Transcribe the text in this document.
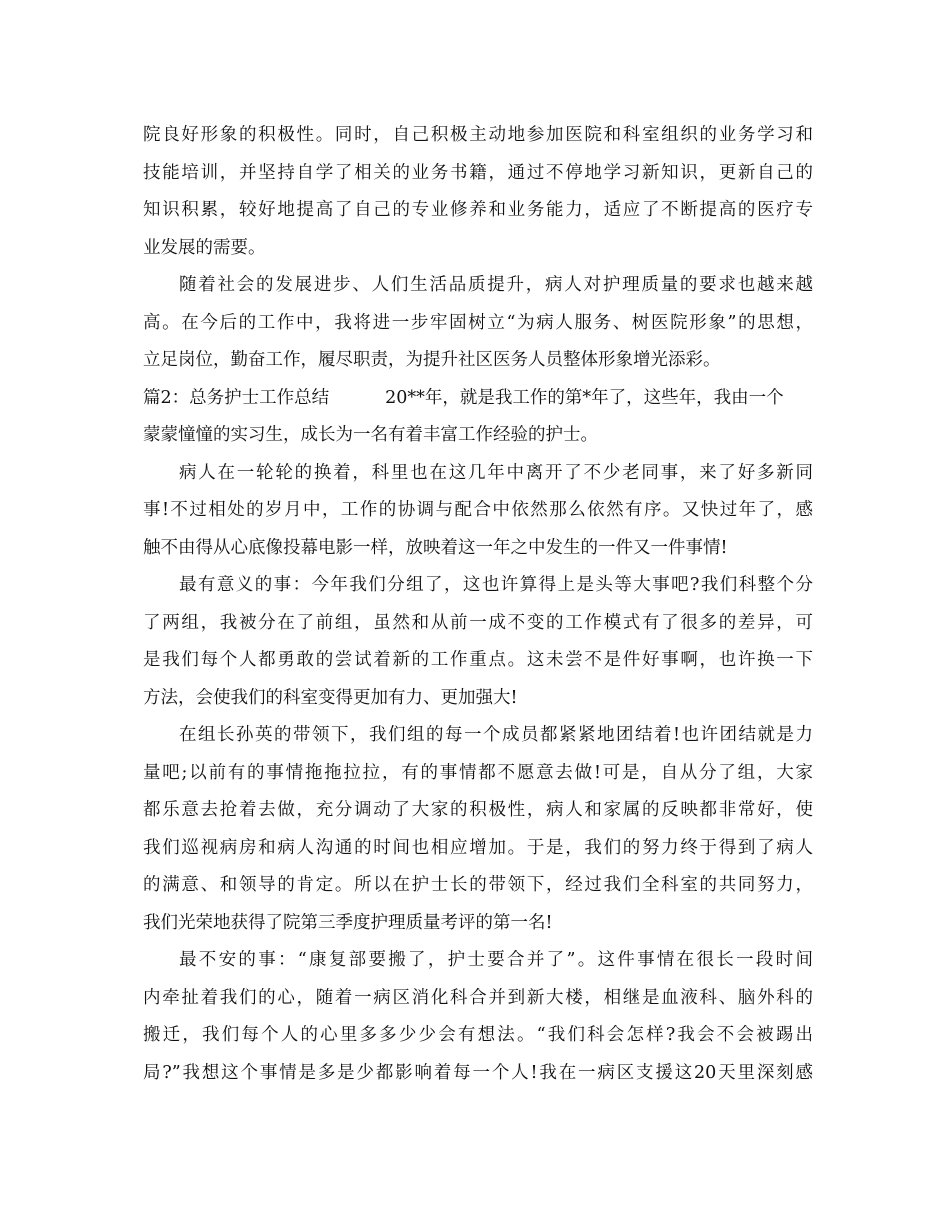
院良好形象的积极性。同时，自己积极主动地参加医院和科室组织的业务学习和
技能培训，并坚持自学了相关的业务书籍，通过不停地学习新知识，更新自己的
知识积累，较好地提高了自己的专业修养和业务能力，适应了不断提高的医疗专
业发展的需要。
随着社会的发展进步、人们生活品质提升，病人对护理质量的要求也越来越
高。在今后的工作中，我将进一步牢固树立“为病人服务、树医院形象”的思想，
立足岗位，勤奋工作，履尽职责，为提升社区医务人员整体形象增光添彩。
篇2：总务护士工作总结	20**年，就是我工作的第*年了，这些年，我由一个
蒙蒙憧憧的实习生，成长为一名有着丰富工作经验的护士。
病人在一轮轮的换着，科里也在这几年中离开了不少老同事，来了好多新同
事!不过相处的岁月中，工作的协调与配合中依然那么依然有序。又快过年了，感
触不由得从心底像投幕电影一样，放映着这一年之中发生的一件又一件事情!
最有意义的事：今年我们分组了，这也许算得上是头等大事吧?我们科整个分
了两组，我被分在了前组，虽然和从前一成不变的工作模式有了很多的差异，可
是我们每个人都勇敢的尝试着新的工作重点。这未尝不是件好事啊，也许换一下
方法，会使我们的科室变得更加有力、更加强大!
在组长孙英的带领下，我们组的每一个成员都紧紧地团结着!也许团结就是力
量吧;以前有的事情拖拖拉拉，有的事情都不愿意去做!可是，自从分了组，大家
都乐意去抢着去做，充分调动了大家的积极性，病人和家属的反映都非常好，使
我们巡视病房和病人沟通的时间也相应增加。于是，我们的努力终于得到了病人
的满意、和领导的肯定。所以在护士长的带领下，经过我们全科室的共同努力，
我们光荣地获得了院第三季度护理质量考评的第一名!
最不安的事：“康复部要搬了，护士要合并了”。这件事情在很长一段时间
内牵扯着我们的心，随着一病区消化科合并到新大楼，相继是血液科、脑外科的
搬迁，我们每个人的心里多多少少会有想法。“我们科会怎样?我会不会被踢出
局?”我想这个事情是多是少都影响着每一个人!我在一病区支援这20天里深刻感
